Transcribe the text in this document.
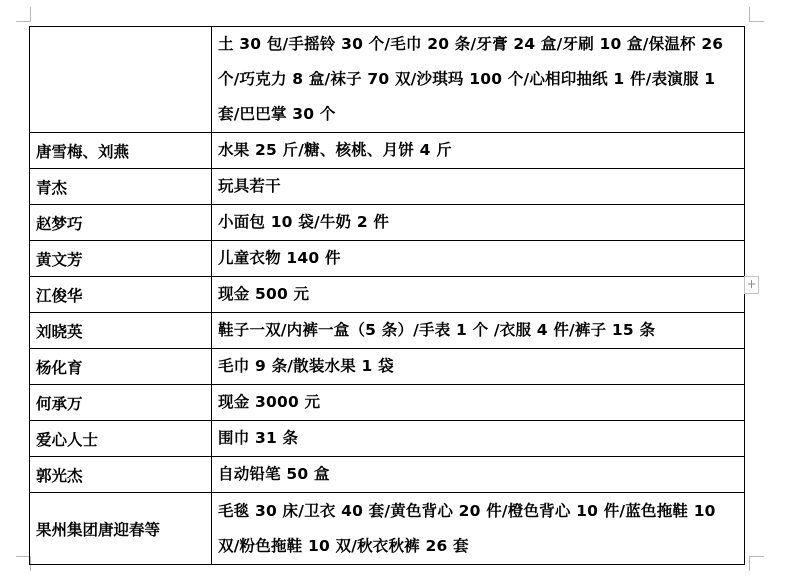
	土 30 包/手摇铃 30 个/毛巾 20 条/牙膏 24 盒/牙刷 10 盒/保温杯 26 个/巧克力 8 盒/袜子 70 双/沙琪玛 100 个/心相印抽纸 1 件/表演服 1 套/巴巴掌 30 个
唐雪梅、刘燕	水果 25 斤/糖、核桃、月饼 4 斤
青杰	玩具若干
赵梦巧	小面包 10 袋/牛奶 2 件
黄文芳	儿童衣物 140 件
江俊华	现金 500 元
刘晓英	鞋子一双/内裤一盒（5 条）/手表 1 个 /衣服 4 件/裤子 15 条
杨化育	毛巾 9 条/散装水果 1 袋
何承万	现金 3000 元
爱心人士	围巾 31 条
郭光杰	自动铅笔 50 盒
果州集团唐迎春等	毛毯 30 床/卫衣 40 套/黄色背心 20 件/橙色背心 10 件/蓝色拖鞋 10 双/粉色拖鞋 10 双/秋衣秋裤 26 套
+
